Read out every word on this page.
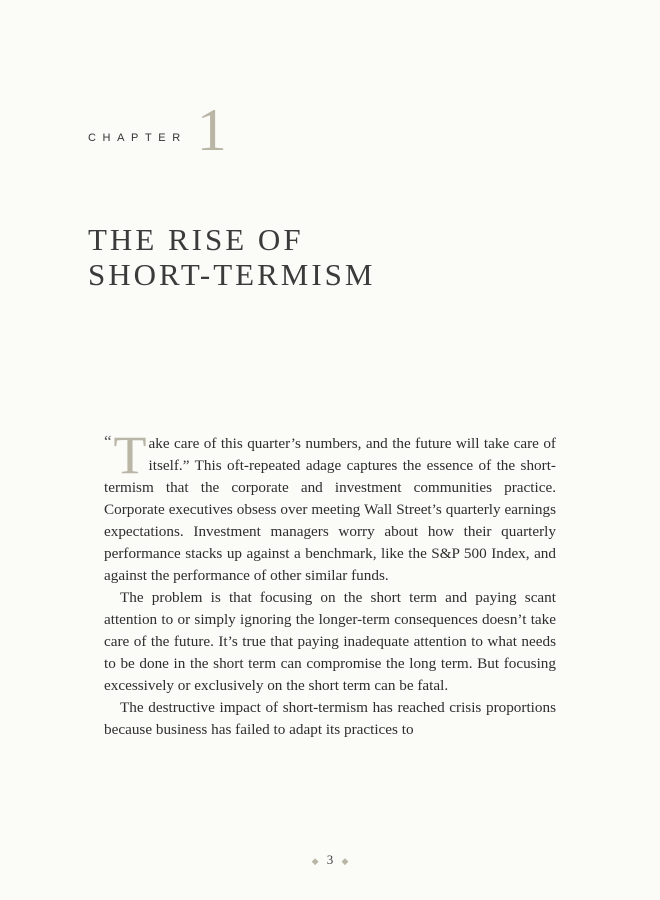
CHAPTER 1
THE RISE OF
SHORT-TERMISM

“ T ake care of this quarter’s numbers, and the future will take care of itself.” This oft-repeated adage captures the essence of the short-termism that the corporate and investment communities practice. Corporate executives obsess over meeting Wall Street’s quarterly earnings expectations. Investment managers worry about how their quarterly performance stacks up against a benchmark, like the S&P 500 Index, and against the performance of other similar funds.

The problem is that focusing on the short term and paying scant attention to or simply ignoring the longer-term consequences doesn’t take care of the future. It’s true that paying inadequate attention to what needs to be done in the short term can compromise the long term. But focusing excessively or exclusively on the short term can be fatal.

The destructive impact of short-termism has reached crisis proportions because business has failed to adapt its practices to

◆ 3 ◆
